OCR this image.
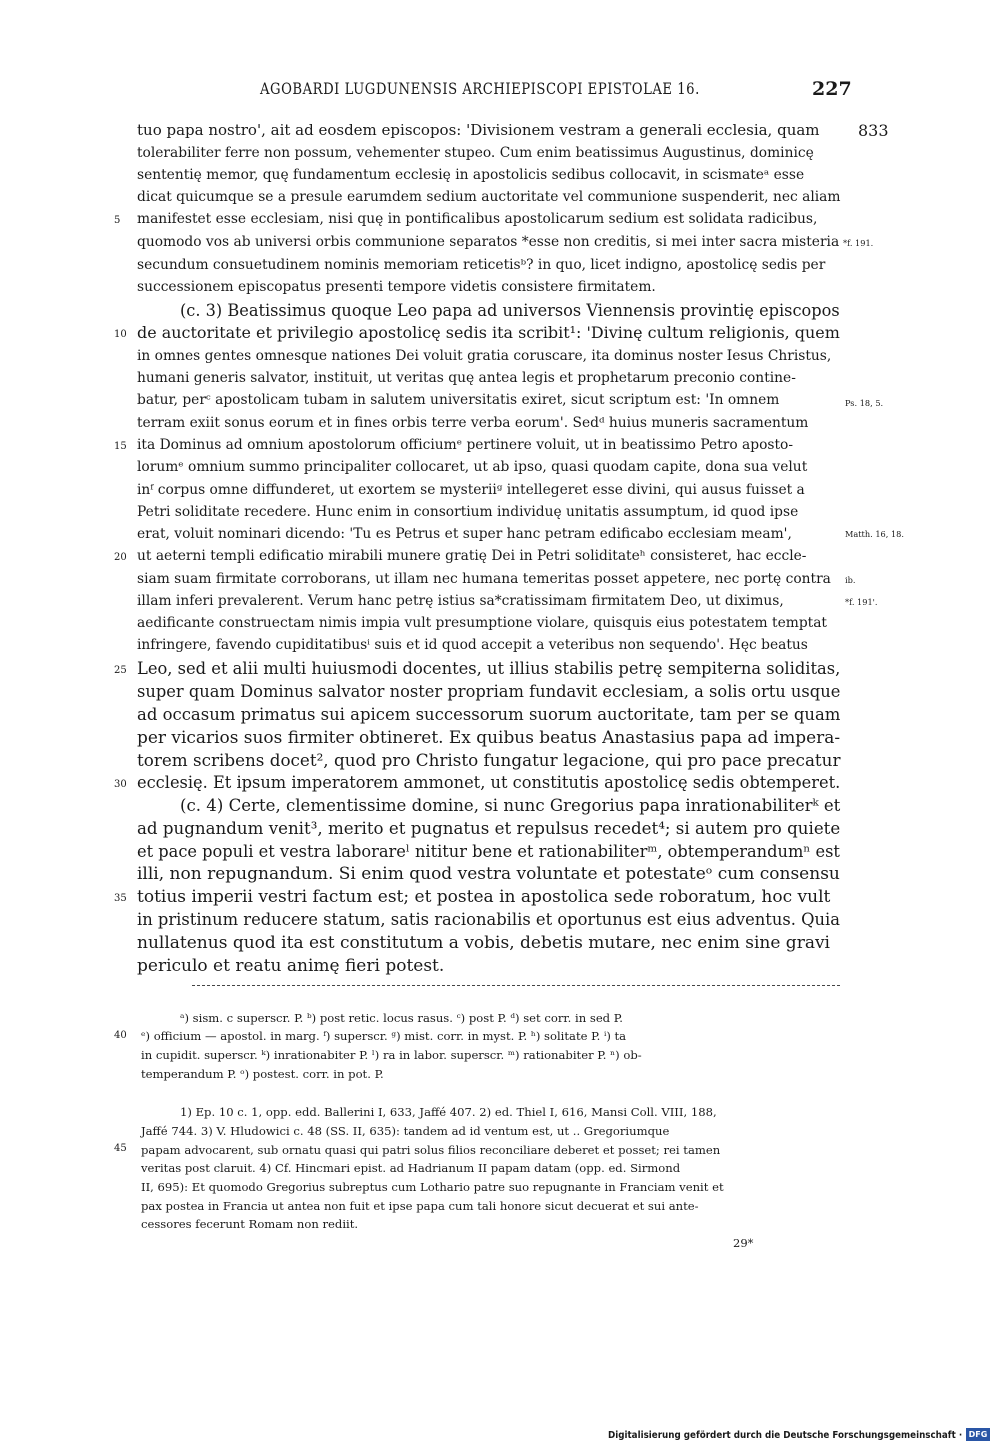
AGOBARDI LUGDUNENSIS ARCHIEPISCOPI EPISTOLAE 16.	227
833
tuo papa nostro', ait ad eosdem episcopos: 'Divisionem vestram a generali ecclesia, quam
tolerabiliter ferre non possum, vehementer stupeo. Cum enim beatissimus Augustinus, dominicę
sententię memor, quę fundamentum ecclesię in apostolicis sedibus collocavit, in scismateᵃ esse
dicat quicumque se a presule earumdem sedium auctoritate vel communione suspenderit, nec aliam
manifestet esse ecclesiam, nisi quę in pontificalibus apostolicarum sedium est solidata radicibus,
quomodo vos ab universi orbis communione separatos *esse non creditis, si mei inter sacra misteria
secundum consuetudinem nominis memoriam reticetisᵇ? in quo, licet indigno, apostolicę sedis per
successionem episcopatus presenti tempore videtis consistere firmitatem.
(c. 3) Beatissimus quoque Leo papa ad universos Viennensis provintię episcopos
de auctoritate et privilegio apostolicę sedis ita scribit¹: 'Divinę cultum religionis, quem
in omnes gentes omnesque nationes Dei voluit gratia coruscare, ita dominus noster Iesus Christus,
humani generis salvator, instituit, ut veritas quę antea legis et prophetarum preconio contine-
batur, perᶜ apostolicam tubam in salutem universitatis exiret, sicut scriptum est: 'In omnem
terram exiit sonus eorum et in fines orbis terre verba eorum'. Sedᵈ huius muneris sacramentum
ita Dominus ad omnium apostolorum officiumᵉ pertinere voluit, ut in beatissimo Petro aposto-
lorumᵉ omnium summo principaliter collocaret, ut ab ipso, quasi quodam capite, dona sua velut
inᶠ corpus omne diffunderet, ut exortem se mysteriiᵍ intellegeret esse divini, qui ausus fuisset a
Petri soliditate recedere. Hunc enim in consortium individuę unitatis assumptum, id quod ipse
erat, voluit nominari dicendo: 'Tu es Petrus et super hanc petram edificabo ecclesiam meam',
ut aeterni templi edificatio mirabili munere gratię Dei in Petri soliditateʰ consisteret, hac eccle-
siam suam firmitate corroborans, ut illam nec humana temeritas posset appetere, nec portę contra
illam inferi prevalerent. Verum hanc petrę istius sa*cratissimam firmitatem Deo, ut diximus,
aedificante construectam nimis impia vult presumptione violare, quisquis eius potestatem temptat
infringere, favendo cupiditatibusⁱ suis et id quod accepit a veteribus non sequendo'. Hęc beatus
Leo, sed et alii multi huiusmodi docentes, ut illius stabilis petrę sempiterna soliditas,
super quam Dominus salvator noster propriam fundavit ecclesiam, a solis ortu usque
ad occasum primatus sui apicem successorum suorum auctoritate, tam per se quam
per vicarios suos firmiter obtineret. Ex quibus beatus Anastasius papa ad impera-
torem scribens docet², quod pro Christo fungatur legacione, qui pro pace precatur
ecclesię. Et ipsum imperatorem ammonet, ut constitutis apostolicę sedis obtemperet.
(c. 4) Certe, clementissime domine, si nunc Gregorius papa inrationabiliterᵏ et
ad pugnandum venit³, merito et pugnatus et repulsus recedet⁴; si autem pro quiete
et pace populi et vestra laborareˡ nititur bene et rationabiliterᵐ, obtemperandumⁿ est
illi, non repugnandum. Si enim quod vestra voluntate et potestateᵒ cum consensu
totius imperii vestri factum est; et postea in apostolica sede roboratum, hoc vult
in pristinum reducere statum, satis racionabilis et oportunus est eius adventus. Quia
nullatenus quod ita est constitutum a vobis, debetis mutare, nec enim sine gravi
periculo et reatu animę fieri potest.
5
10
15
20
25
30
35
40
45
*f. 191.
Ps. 18, 5.
Matth. 16, 18.
ib.
*f. 191'.
ᵃ) sism. c superscr. P. ᵇ) post retic. locus rasus. ᶜ) post P. ᵈ) set corr. in sed P.
ᵉ) officium — apostol. in marg. ᶠ) superscr. ᵍ) mist. corr. in myst. P. ʰ) solitate P. ⁱ) ta
in cupidit. superscr. ᵏ) inrationabiter P. ˡ) ra in labor. superscr. ᵐ) rationabiter P. ⁿ) ob-
temperandum P. ᵒ) postest. corr. in pot. P.
1) Ep. 10 c. 1, opp. edd. Ballerini I, 633, Jaffé 407. 2) ed. Thiel I, 616, Mansi Coll. VIII, 188,
Jaffé 744. 3) V. Hludowici c. 48 (SS. II, 635): tandem ad id ventum est, ut .. Gregoriumque
papam advocarent, sub ornatu quasi qui patri solus filios reconciliare deberet et posset; rei tamen
veritas post claruit. 4) Cf. Hincmari epist. ad Hadrianum II papam datam (opp. ed. Sirmond
II, 695): Et quomodo Gregorius subreptus cum Lothario patre suo repugnante in Franciam venit et
pax postea in Francia ut antea non fuit et ipse papa cum tali honore sicut decuerat et sui ante-
cessores fecerunt Romam non rediit.
29*
Digitalisierung gefördert durch die Deutsche Forschungsgemeinschaft · DFG
